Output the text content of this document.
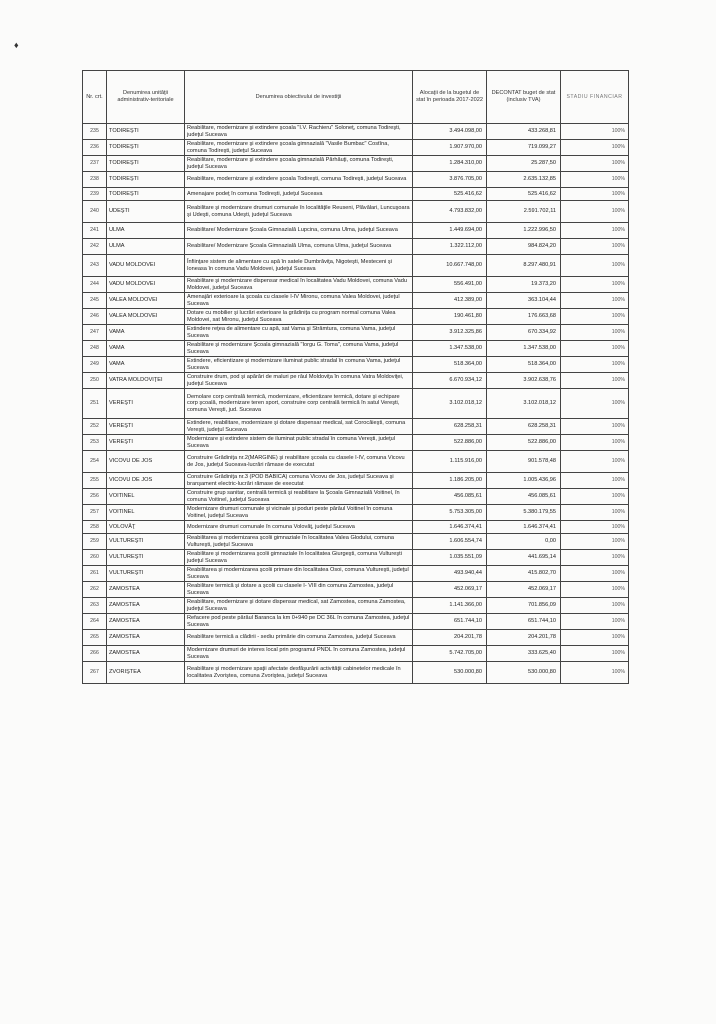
♦
Nr. crt.	Denumirea unităţii administrativ-teritoriale	Denumirea obiectivului de investiţii	Alocaţii de la bugetul de stat în perioada 2017-2022	DECONTAT buget de stat (inclusiv TVA)	STADIU FINANCIAR
235	TODIREŞTI	Reabilitare, modernizare şi extindere şcoala "I.V. Rachieru" Soloneţ, comuna Todireşti, judeţul Suceava	3.494.098,00	433.268,81	100%
236	TODIREŞTI	Reabilitare, modernizare şi extindere şcoala gimnazială "Vasile Bumbac" Costîna, comuna Todireşti, judeţul Suceava	1.907.970,00	719.099,27	100%
237	TODIREŞTI	Reabilitare, modernizare şi extindere şcoala gimnazială Părhăuţi, comuna Todireşti, judeţul Suceava	1.284.310,00	25.287,50	100%
238	TODIREŞTI	Reabilitare, modernizare şi extindere şcoala Todireşti, comuna Todireşti, judeţul Suceava	3.876.705,00	2.635.132,85	100%
239	TODIREŞTI	Amenajare podeţ în comuna Todireşti, judeţul Suceava	525.416,62	525.416,62	100%
240	UDEŞTI	Reabilitare şi modernizare drumuri comunale în localităţile Reuseni, Plăvălari, Luncuşoara şi Udeşti, comuna Udeşti, judeţul Suceava	4.793.832,00	2.591.702,11	100%
241	ULMA	Reabilitare/ Modernizare Şcoala Gimnazială Lupcina, comuna Ulma, judeţul Suceava	1.449.694,00	1.222.996,50	100%
242	ULMA	Reabilitare/ Modernizare Şcoala Gimnazială Ulma, comuna Ulma, judeţul Suceava	1.322.112,00	984.824,20	100%
243	VADU MOLDOVEI	Înfiinţare sistem de alimentare cu apă în satele Dumbrăviţa, Nigoteşti, Mesteceni şi Ioneasa în comuna Vadu Moldovei, judeţul Suceava	10.667.748,00	8.297.480,91	100%
244	VADU MOLDOVEI	Reabilitare şi modernizare dispensar medical în localitatea Vadu Moldovei, comuna Vadu Moldovei, judeţul Suceava	556.491,00	19.373,20	100%
245	VALEA MOLDOVEI	Amenajări exterioare la şcoala cu clasele I-IV Mironu, comuna Valea Moldovei, judeţul Suceava	412.389,00	363.104,44	100%
246	VALEA MOLDOVEI	Dotare cu mobilier şi lucrări exterioare la grădiniţa cu program normal comuna Valea Moldovei, sat Mironu, judeţul Suceava	190.461,80	176.663,68	100%
247	VAMA	Extindere reţea de alimentare cu apă, sat Vama şi Strâmtura, comuna Vama, judeţul Suceava	3.912.325,86	670.334,92	100%
248	VAMA	Reabilitare şi modernizare Şcoala gimnazială "Iorgu G. Toma", comuna Vama, judeţul Suceava	1.347.538,00	1.347.538,00	100%
249	VAMA	Extindere, eficientizare şi modernizare iluminat public stradal în comuna Vama, judeţul Suceava	518.364,00	518.364,00	100%
250	VATRA MOLDOVIŢEI	Construire drum, pod şi apărări de maluri pe râul Moldoviţa în comuna Vatra Moldoviţei, judeţul Suceava	6.670.934,12	3.902.638,76	100%
251	VEREŞTI	Demolare corp centrală termică, modernizare, eficientizare termică, dotare şi echipare corp şcoală, modernizare teren sport, construire corp centrală termică în satul Vereşti, comuna Vereşti, jud. Suceava	3.102.018,12	3.102.018,12	100%
252	VEREŞTI	Extindere, reabilitare, modernizare şi dotare dispensar medical, sat Corocăieşti, comuna Vereşti, judeţul Suceava	628.258,31	628.258,31	100%
253	VEREŞTI	Modernizare şi extindere sistem de iluminat public stradal în comuna Vereşti, judeţul Suceava	522.886,00	522.886,00	100%
254	VICOVU DE JOS	Construire Grădiniţa nr.2(MARGINE) şi reabilitare şcoala cu clasele I-IV, comuna Vicovu de Jos, judeţul Suceava-lucrări rămase de executat	1.115.916,00	901.578,48	100%
255	VICOVU DE JOS	Construire Grădiniţa nr.3 (POD BABICA) comuna Vicovu de Jos, judeţul Suceava şi branşament electric-lucrări rămase de executat	1.186.205,00	1.005.436,96	100%
256	VOITINEL	Construire grup sanitar, centrală termică şi reabilitare la Şcoala Gimnazială Voitinel, în comuna Voitinel, judeţul Suceava	456.085,61	456.085,61	100%
257	VOITINEL	Modernizare drumuri comunale şi vicinale şi poduri peste pârâul Voitinel în comuna Voitinel, judeţul Suceava	5.753.305,00	5.380.179,55	100%
258	VOLOVĂŢ	Modernizare drumuri comunale în comuna Volovăţ, judeţul Suceava	1.646.374,41	1.646.374,41	100%
259	VULTUREŞTI	Reabilitarea şi modernizarea şcolii gimnaziale în localitatea Valea Glodului, comuna Vultureşti, judeţul Suceava	1.606.554,74	0,00	100%
260	VULTUREŞTI	Reabilitare şi modernizarea şcolii gimnaziale în localitatea Giurgeşti, comuna Vultureşti judeţul Suceava	1.035.551,09	441.695,14	100%
261	VULTUREŞTI	Reabilitarea şi modernizarea şcolii primare din localitatea Osoi, comuna Vultureşti, judeţul Suceava	493.940,44	415.802,70	100%
262	ZAMOSTEA	Reabilitare termică şi dotare a şcolii cu clasele I- VIII din comuna Zamostea, judeţul Suceava	452.069,17	452.069,17	100%
263	ZAMOSTEA	Reabilitare, modernizare şi dotare dispensar medical, sat Zamostea, comuna Zamostea, judeţul Suceava	1.141.366,00	701.856,09	100%
264	ZAMOSTEA	Refacere pod peste pârâul Baranca la km 0+940 pe DC 36L în comuna Zamostea, judeţul Suceava	651.744,10	651.744,10	100%
265	ZAMOSTEA	Reabilitare termică a clădirii - sediu primărie din comuna Zamostea, judeţul Suceava	204.201,78	204.201,78	100%
266	ZAMOSTEA	Modernizare drumuri de interes local prin programul PNDL în comuna Zamostea, judeţul Suceava	5.742.705,00	333.625,40	100%
267	ZVORIŞTEA	Reabilitare şi modernizare spaţii afectate desfăşurării activităţii cabinetelor medicale în localitatea Zvoriştea, comuna Zvoriştea, judeţul Suceava	530.000,80	530.000,80	100%
